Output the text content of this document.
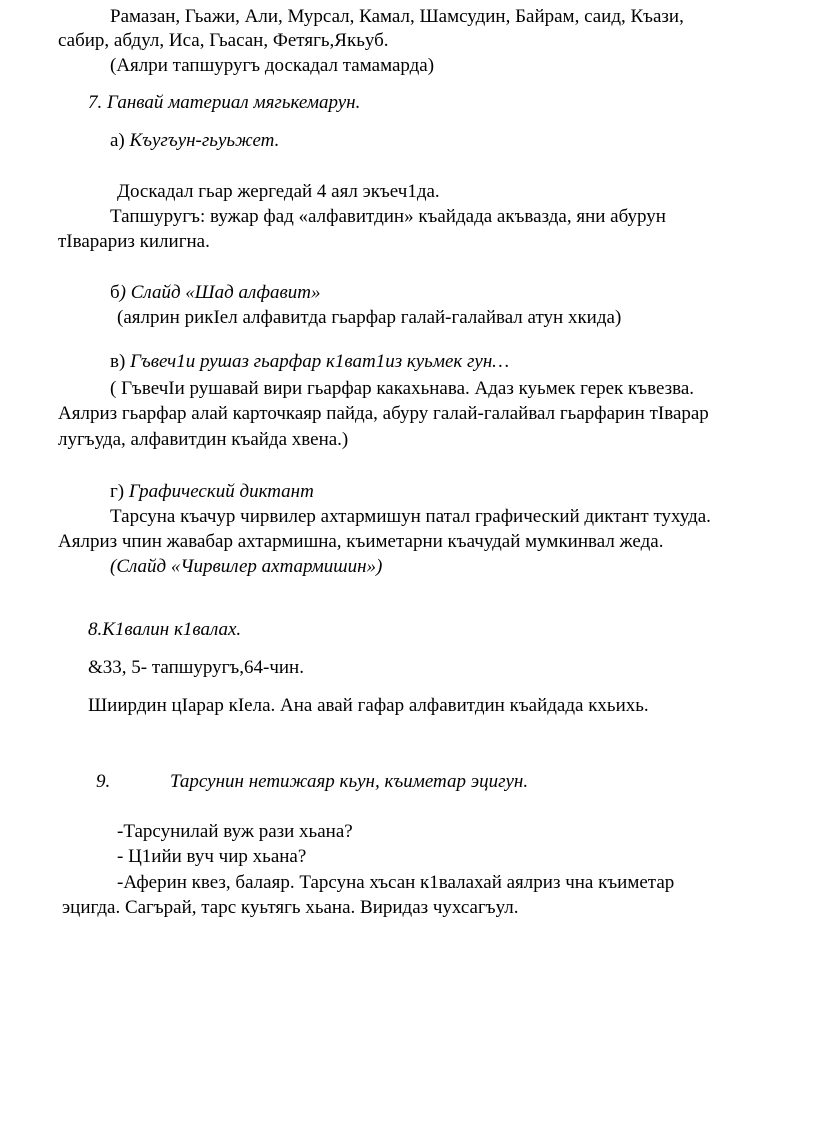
Рамазан, Гьажи, Али, Мурсал, Камал, Шамсудин, Байрам, саид, Къази,
сабир, абдул, Иса, Гьасан, Фетягь,Якьуб.
(Аялри тапшуругъ доскадал тамамарда)
7. Ганвай материал мягькемарун.
а) Къугъун-гьуьжет.
Доскадал гьар жергедай 4 аял экъеч1да.
Тапшуругъ: вужар фад «алфавитдин» къайдада акъвазда, яни абурун
тIварариз килигна.
б) Слайд «Шад алфавит»
(аялрин рикIел алфавитда гьарфар галай-галайвал атун хкида)
в) Гъвеч1и рушаз гьарфар к1ват1из куьмек гун…
( ГъвечIи рушавай вири гьарфар какахьнава. Адаз куьмек герек къвезва.
Аялриз гьарфар алай карточкаяр пайда, абуру галай-галайвал гьарфарин тIварар
лугъуда, алфавитдин къайда хвена.)
г) Графический диктант
Тарсуна къачур чирвилер ахтармишун патал графический диктант тухуда.
Аялриз чпин жавабар ахтармишна, къиметарни къачудай мумкинвал жеда.
(Слайд «Чирвилер ахтармишин»)
8.К1валин к1валах.
&33, 5- тапшуругъ,64-чин.
Шиирдин цIарар кIела. Ана авай гафар алфавитдин къайдада кхьихь.
9.	Тарсунин нетижаяр кьун, къиметар эцигун.
-Тарсунилай вуж рази хьана?
- Ц1ийи вуч чир хьана?
-Аферин квез, балаяр. Тарсуна хъсан к1валахай аялриз чна къиметар
эцигда. Сагърай, тарс куьтягь хьана. Виридаз чухсагъул.
